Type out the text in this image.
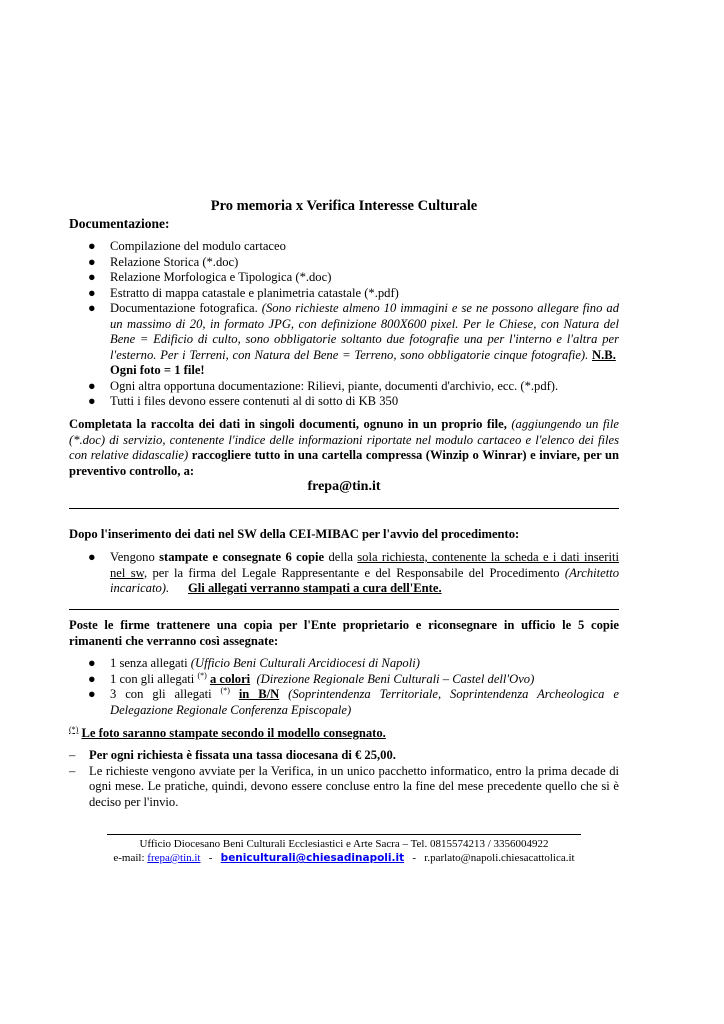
Pro memoria x Verifica Interesse Culturale
Documentazione:
● Compilazione del modulo cartaceo
● Relazione Storica (*.doc)
● Relazione Morfologica e Tipologica (*.doc)
● Estratto di mappa catastale e planimetria catastale (*.pdf)
● Documentazione fotografica. (Sono richieste almeno 10 immagini e se ne possono allegare fino ad un massimo di 20, in formato JPG, con definizione 800X600 pixel. Per le Chiese, con Natura del Bene = Edificio di culto, sono obbligatorie soltanto due fotografie una per l'interno e l'altra per l'esterno. Per i Terreni, con Natura del Bene = Terreno, sono obbligatorie cinque fotografie). N.B.  Ogni foto = 1 file!
● Ogni altra opportuna documentazione: Rilievi, piante, documenti d'archivio, ecc. (*.pdf).
● Tutti i files devono essere contenuti al di sotto di KB 350
Completata la raccolta dei dati in singoli documenti, ognuno in un proprio file, (aggiungendo un file (*.doc) di servizio, contenente l'indice delle informazioni riportate nel modulo cartaceo e l'elenco dei files con relative didascalie) raccogliere tutto in una cartella compressa (Winzip o Winrar) e inviare, per un preventivo controllo, a:
frepa@tin.it
Dopo l'inserimento dei dati nel SW della CEI-MIBAC per l'avvio del procedimento:
● Vengono stampate e consegnate 6 copie della sola richiesta, contenente la scheda e i dati inseriti nel sw, per la firma del Legale Rappresentante e del Responsabile del Procedimento (Architetto incaricato). Gli allegati verranno stampati a cura dell'Ente.
Poste le firme trattenere una copia per l'Ente proprietario e riconsegnare in ufficio le 5 copie rimanenti che verranno così assegnate:
● 1 senza allegati (Ufficio Beni Culturali Arcidiocesi di Napoli)
● 1 con gli allegati (*) a colori (Direzione Regionale Beni Culturali – Castel dell'Ovo)
● 3 con gli allegati (*) in B/N (Soprintendenza Territoriale, Soprintendenza Archeologica e Delegazione Regionale Conferenza Episcopale)
(*) Le foto saranno stampate secondo il modello consegnato.
– Per ogni richiesta è fissata una tassa diocesana di € 25,00.
– Le richieste vengono avviate per la Verifica, in un unico pacchetto informatico, entro la prima decade di ogni mese. Le pratiche, quindi, devono essere concluse entro la fine del mese precedente quello che si è deciso per l'invio.
Ufficio Diocesano Beni Culturali Ecclesiastici e Arte Sacra – Tel. 0815574213 / 3356004922
e-mail: frepa@tin.it - beniculturali@chiesadinapoli.it - r.parlato@napoli.chiesacattolica.it
